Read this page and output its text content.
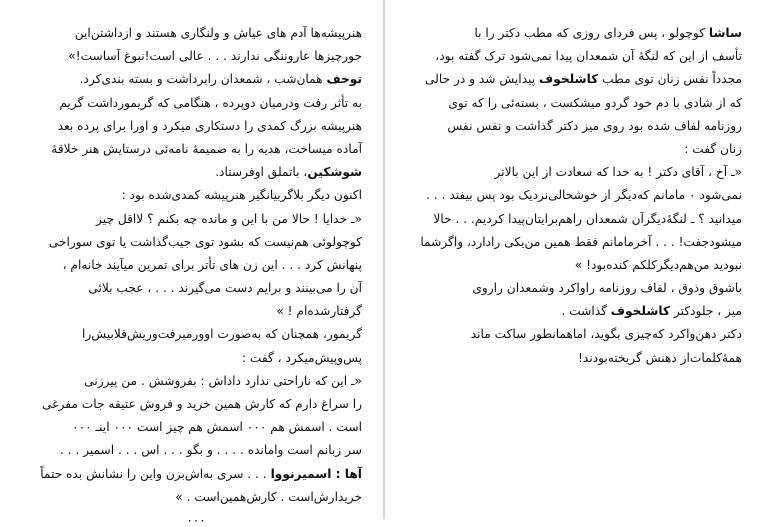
هنرپیشه‌ها آدم های عیاش و ولنگاری هستند و ازداشتن‌این
جورچیزها عاروننگی ندارند . . . عالی است!نبوغ آساست!»
توخف همان‌شب ، شمعدان رابرداشت و بسته بندی‌کرد.
به تأثر رفت ودرمیان دوپرده ، هنگامی که گریمورداشت گریم
هنرپیشه بزرگ کمدی را دستکاری میکرد و اورا برای پرده بعد
آماده میساخت، هدیه را به ضمیمهٔ نامه‌ئی درستایش هنر خلاقهٔ
شوشکین، باتملق اوفرستاد.
اکنون دیگر بلاگربیانگیر هنرپیشه کمدی‌شده بود :
«ـ خدایا ! حالا من با این و مانده چه بکنم ؟ لااقل چیز
کوچولوئی هم‌نیست که بشود توی جیب‌گذاشت یا توی سوراخی
پنهانش کرد . . . این زن های تأتر برای تمرین میآیند خانه‌ام ،
آن را می‌بینند و برایم دست می‌گیرند . . . ، عجب بلائی
گرفتارشده‌ام ! »
گریمور، همچنان که به‌صورت اوورمیرفت‌وریش‌قلابیش‌را
پس‌وپیش‌میکرد ، گفت :
«ـ این که ناراحتی ندارد داداش : بفروشش . من پیرزنی
را سراغ دارم که کارش همین خرید و فروش عتیقه جات مفرغی
است . اسمش هم ۰۰۰ اسمش هم چیز است ۰۰۰ اینـ ۰۰۰
سر زبانم است وامانده . . . . و بگو . . . اس . . . اسمیر . . .
آها : اسمیرنووا . . . سری به‌اش‌بزن واین را نشانش بده حتماً
خریدارش‌است . کارش‌همین‌است . »
۰۰۰
ساشا کوچولو ، پس فردای روزی که مطب دکتر را با
تأسف از این که لنگهٔ آن شمعدان پیدا نمی‌شود ترک گفته بود،
مجدداً نفس زنان توی مطب کاشلخوف پیدایش شد و در حالی
که از شادی با دم خود گردو میشکست ، بسته‌ئی را که توی
روزنامه لفاف شده بود روی میز دکتر گذاشت و نفس نفس
زنان گفت :
«ـ آخ ، آقای دکتر ! به خدا که سعادت از این بالاتر
نمی‌شود ۰ مامانم که‌دیگر از خوشحالی‌نزدیک بود پس بیفتد . . .
میدانید ؟ ـ لنگهٔ‌دیگرآن شمعدان راهم‌برایتان‌پیدا کردیم. . . حالا
میشودجفت! . . . آخرمامانم فقط همین من‌یکی رادارد، واگرشما
نبودید من‌هم‌دیگرکلکم کنده‌بود! »
باشوق وذوق ، لفاف روزنامه راواکرد وشمعدان راروی
میز ، جلودکتر کاشلخوف گذاشت .
دکتر دهن‌واکرد که‌چیزی بگوید، اماهمانطور ساکت ماند
همهٔ‌کلمات‌از ذهنش گریخته‌بودند!
